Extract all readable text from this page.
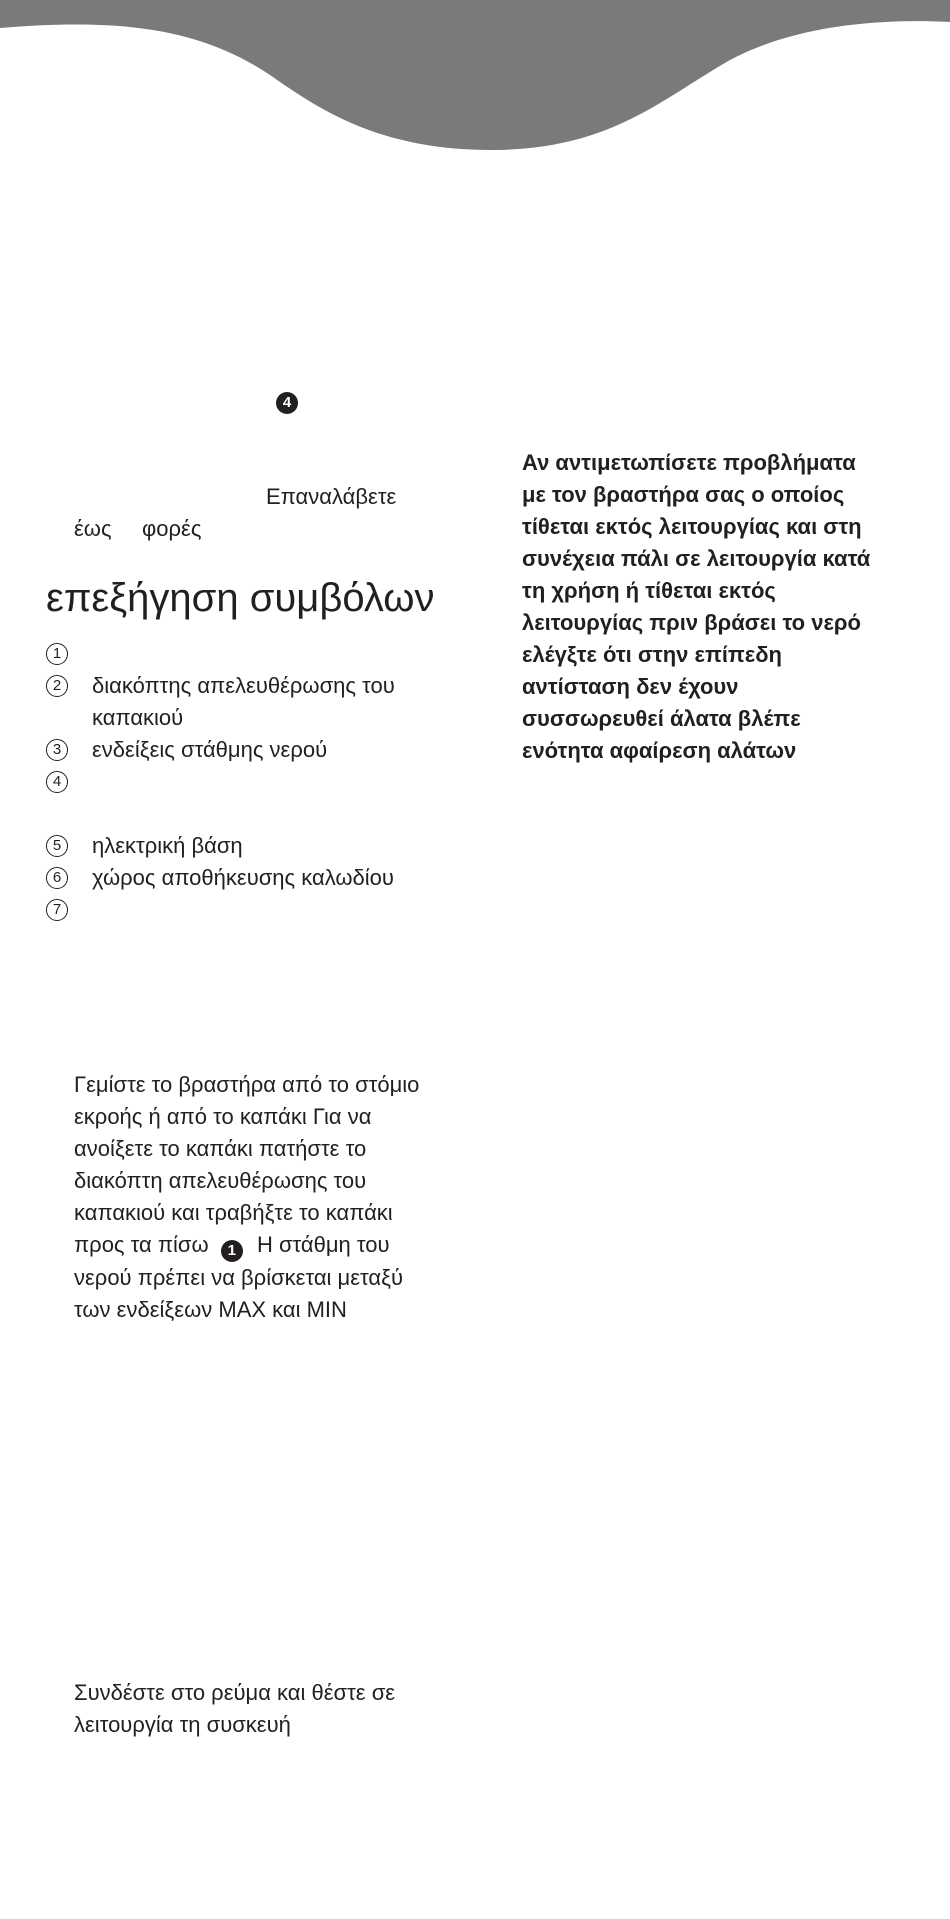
4
Επαναλάβετε
έως φορές
επεξήγηση συμβόλων
1
2	διακόπτης απελευθέρωσης του
καπακιού
3	ενδείξεις στάθμης νερού
4
5	ηλεκτρική βάση
6	χώρος αποθήκευσης καλωδίου
7
Αν αντιμετωπίσετε προβλήματα
με τον βραστήρα σας ο οποίος
τίθεται εκτός λειτουργίας και στη
συνέχεια πάλι σε λειτουργία κατά
τη χρήση ή τίθεται εκτός
λειτουργίας πριν βράσει το νερό
ελέγξτε ότι στην επίπεδη
αντίσταση δεν έχουν
συσσωρευθεί άλατα βλέπε
ενότητα αφαίρεση αλάτων
Γεμίστε το βραστήρα από το στόμιο
εκροής ή από το καπάκι Για να
ανοίξετε το καπάκι πατήστε το
διακόπτη απελευθέρωσης του
καπακιού και τραβήξτε το καπάκι
προς τα πίσω 1 Η στάθμη του
νερού πρέπει να βρίσκεται μεταξύ
των ενδείξεων MAX και MIN
Συνδέστε στο ρεύμα και θέστε σε
λειτουργία τη συσκευή
